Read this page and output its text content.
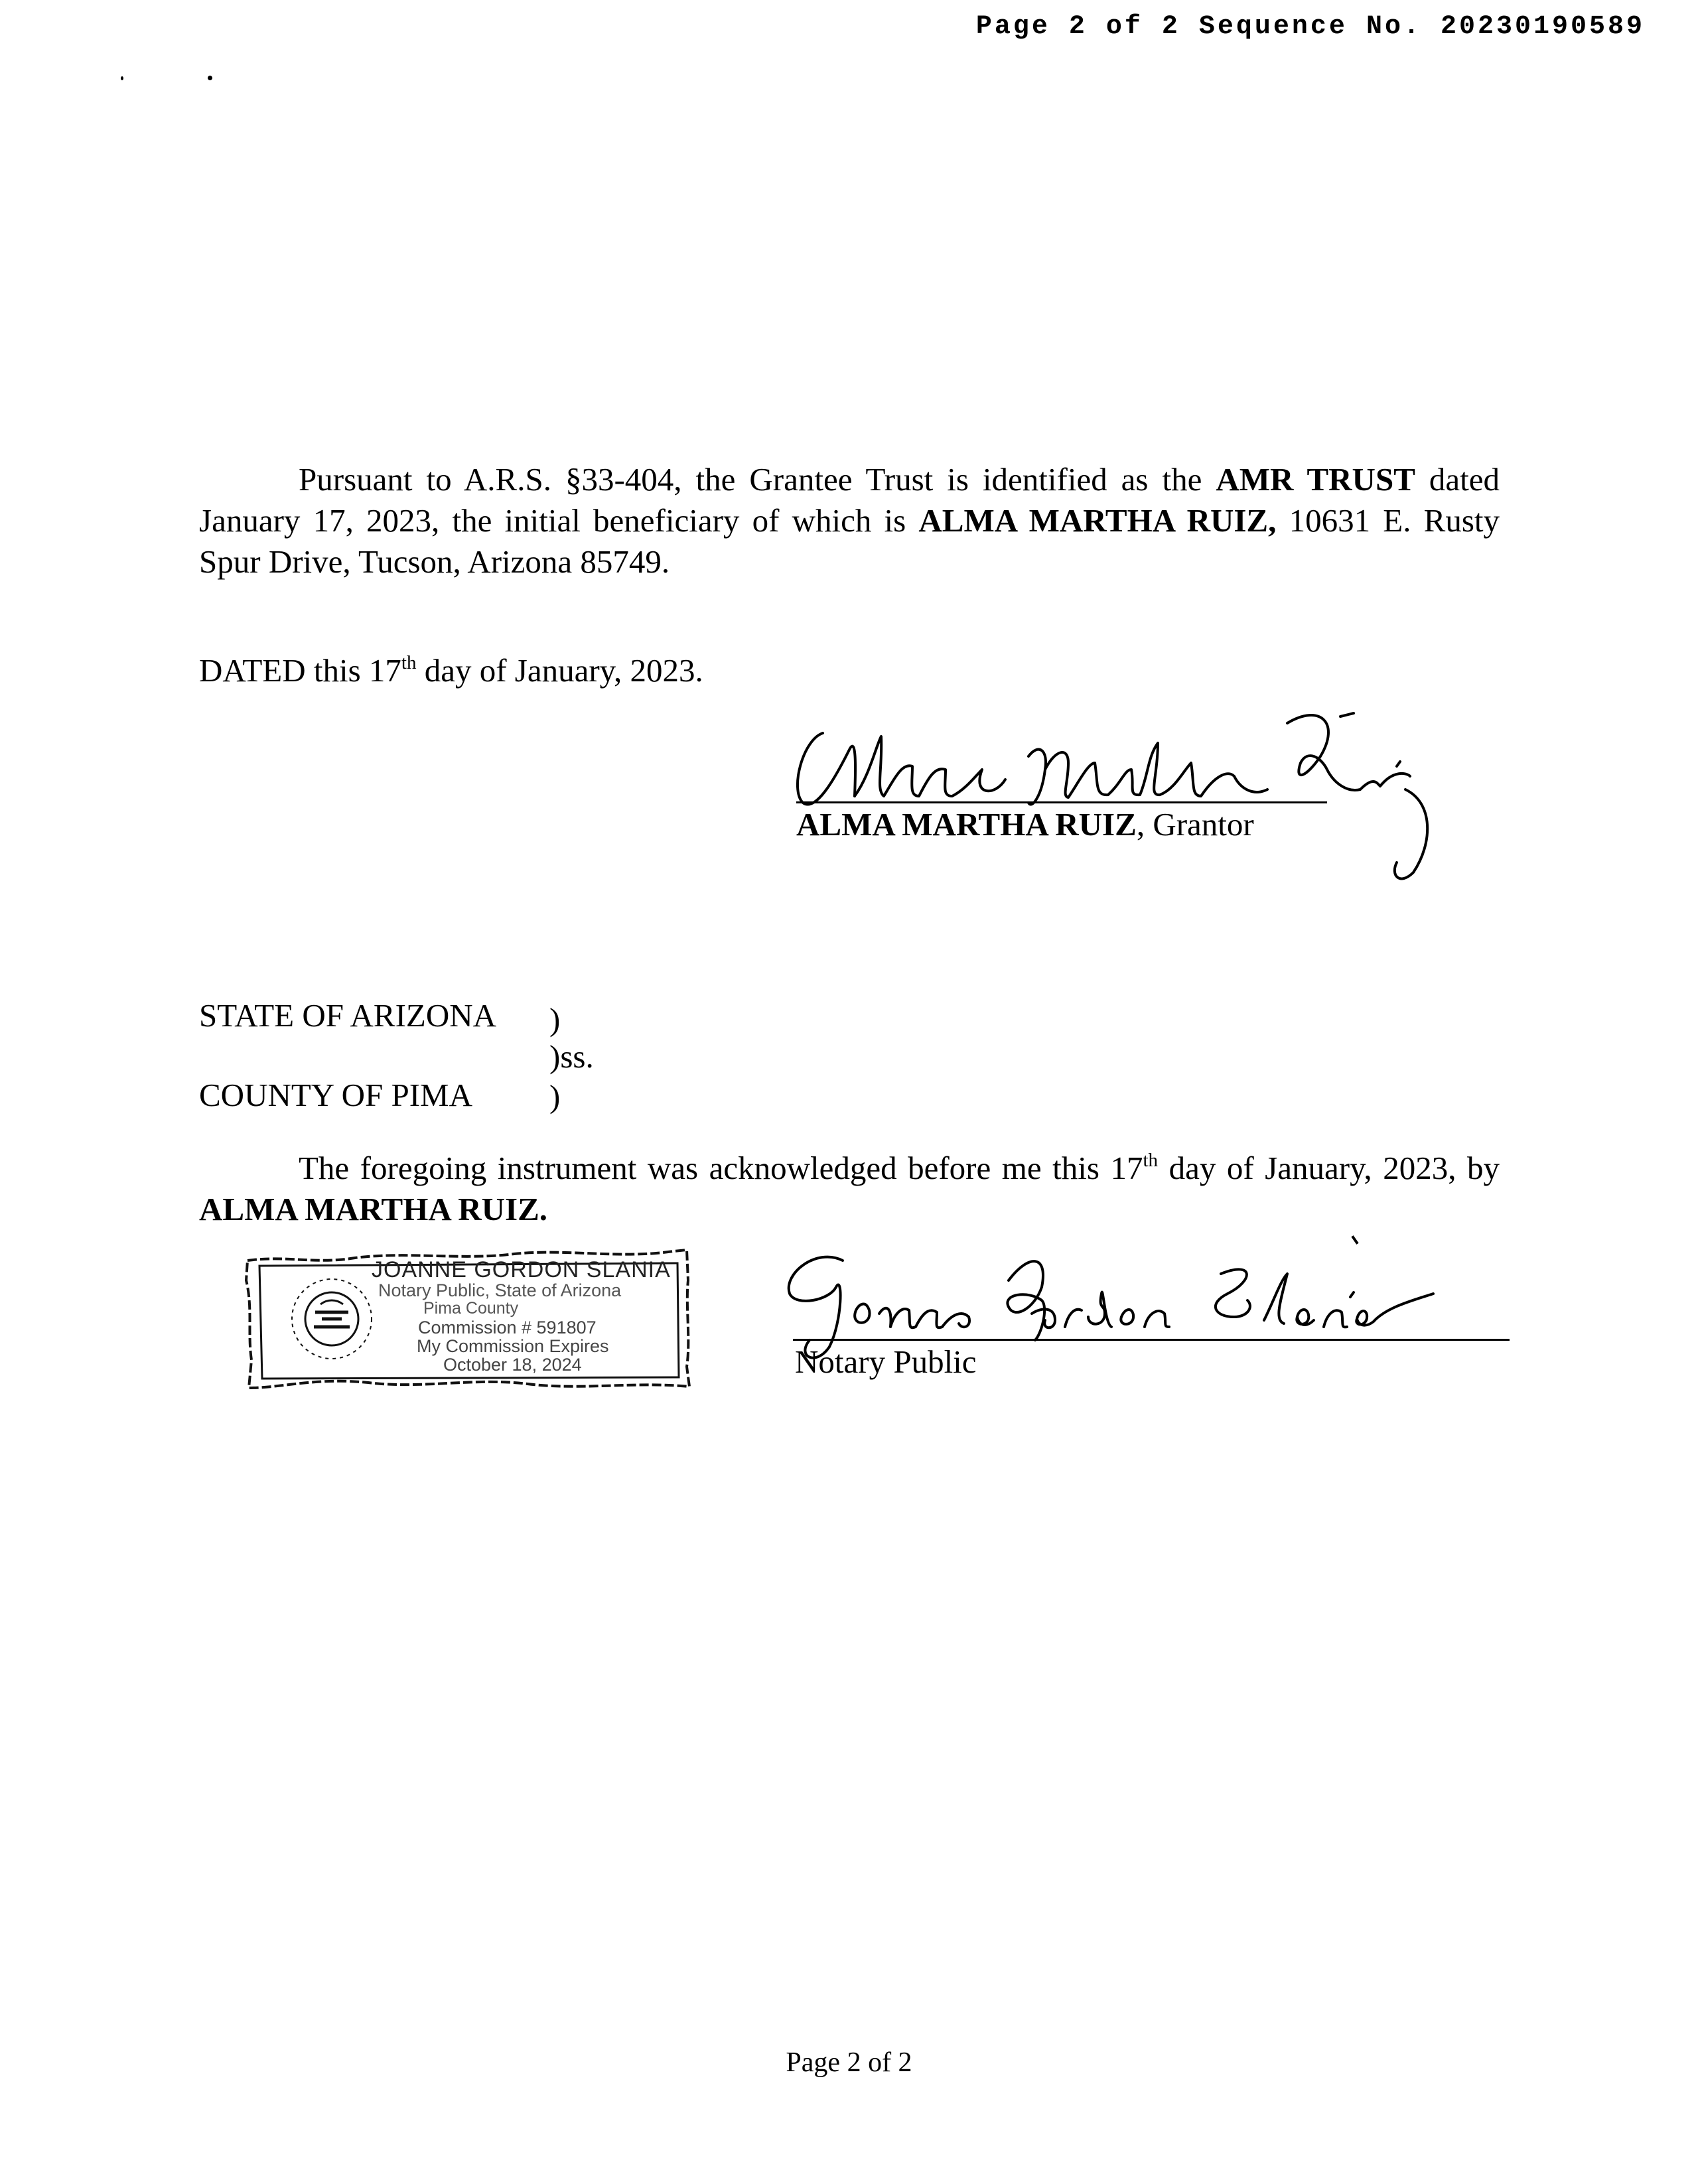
Page 2 of 2 Sequence No. 20230190589
Pursuant to A.R.S. §33-404, the Grantee Trust is identified as the AMR TRUST dated January 17, 2023, the initial beneficiary of which is ALMA MARTHA RUIZ, 10631 E. Rusty Spur Drive, Tucson, Arizona 85749.
DATED this 17th day of January, 2023.
ALMA MARTHA RUIZ, Grantor
STATE OF ARIZONA )
)ss.
COUNTY OF PIMA )
The foregoing instrument was acknowledged before me this 17th day of January, 2023, by ALMA MARTHA RUIZ.
JOANNE GORDON SLANIA
Notary Public, State of Arizona
Pima County
Commission # 591807
My Commission Expires
October 18, 2024	Notary Public
Page 2 of 2
